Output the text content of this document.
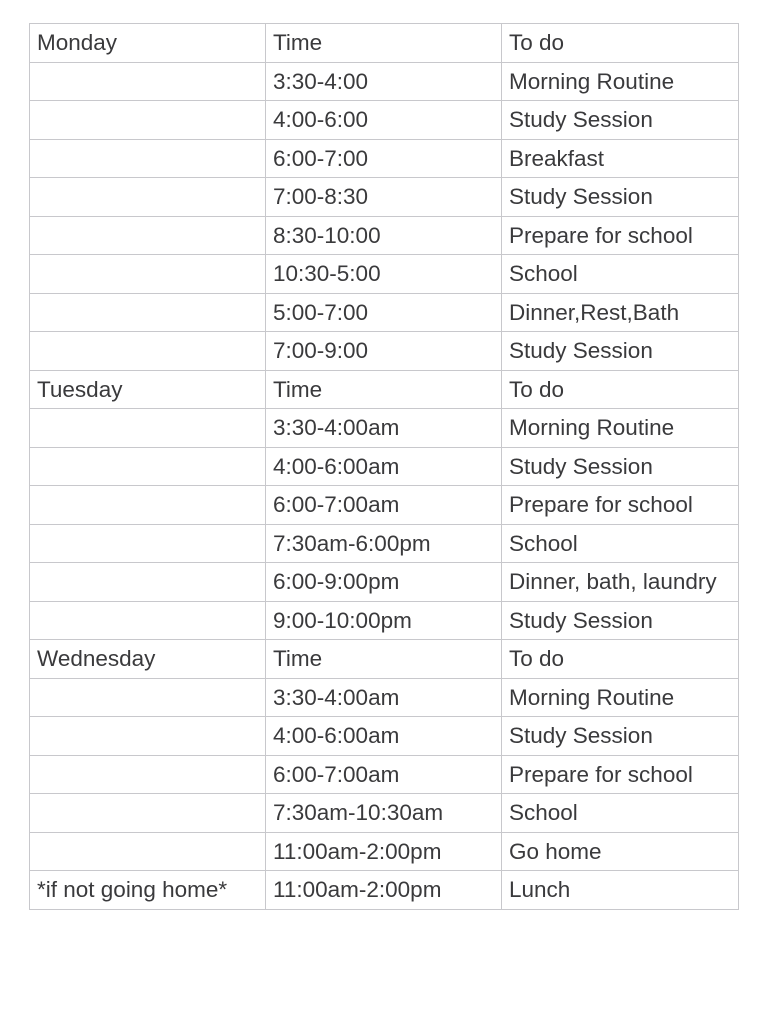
Monday	Time	To do
	3:30-4:00	Morning Routine
	4:00-6:00	Study Session
	6:00-7:00	Breakfast
	7:00-8:30	Study Session
	8:30-10:00	Prepare for school
	10:30-5:00	School
	5:00-7:00	Dinner,Rest,Bath
	7:00-9:00	Study Session
Tuesday	Time	To do
	3:30-4:00am	Morning Routine
	4:00-6:00am	Study Session
	6:00-7:00am	Prepare for school
	7:30am-6:00pm	School
	6:00-9:00pm	Dinner, bath, laundry
	9:00-10:00pm	Study Session
Wednesday	Time	To do
	3:30-4:00am	Morning Routine
	4:00-6:00am	Study Session
	6:00-7:00am	Prepare for school
	7:30am-10:30am	School
	11:00am-2:00pm	Go home
*if not going home*	11:00am-2:00pm	Lunch
